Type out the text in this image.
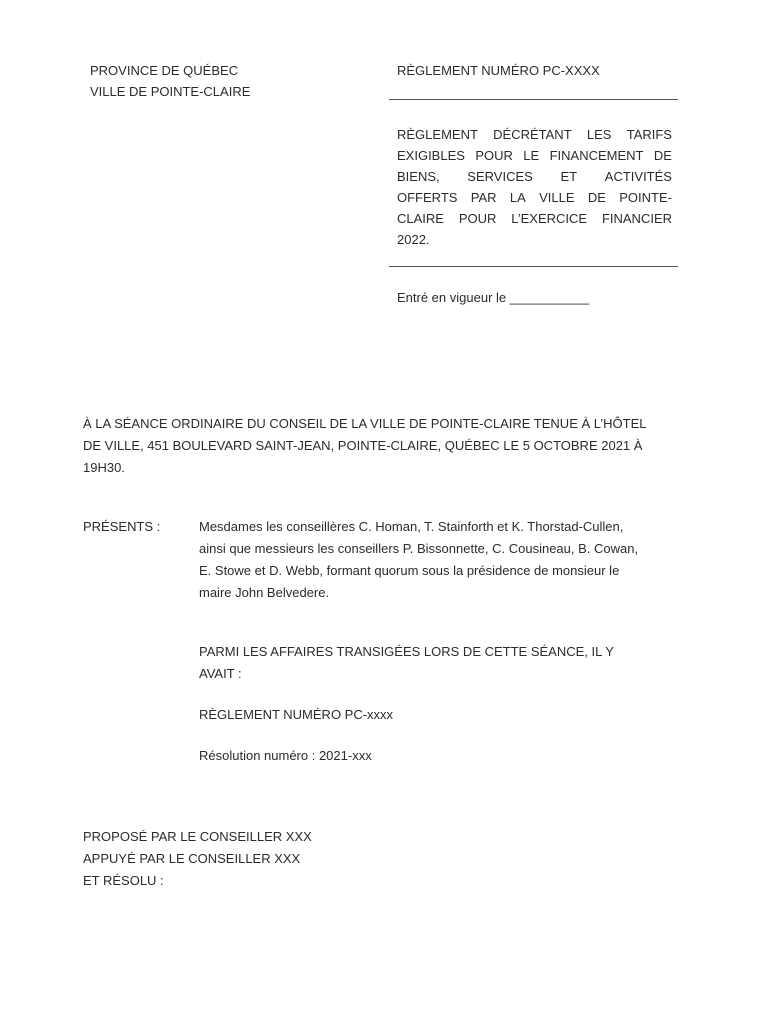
PROVINCE DE QUÉBEC
VILLE DE POINTE-CLAIRE
RÈGLEMENT NUMÉRO PC-XXXX
RÈGLEMENT DÉCRÉTANT LES TARIFS
EXIGIBLES POUR LE FINANCEMENT DE
BIENS, SERVICES ET ACTIVITÉS
OFFERTS PAR LA VILLE DE POINTE-
CLAIRE POUR L’EXERCICE FINANCIER
2022.
Entré en vigueur le ___________
À LA SÉANCE ORDINAIRE DU CONSEIL DE LA VILLE DE POINTE-CLAIRE TENUE À L’HÔTEL
DE VILLE, 451 BOULEVARD SAINT-JEAN, POINTE-CLAIRE, QUÉBEC LE 5 OCTOBRE 2021 À
19H30.
PRÉSENTS :	Mesdames les conseillères C. Homan, T. Stainforth et K. Thorstad-Cullen,
ainsi que messieurs les conseillers P. Bissonnette, C. Cousineau, B. Cowan,
E. Stowe et D. Webb, formant quorum sous la présidence de monsieur le
maire John Belvedere.
PARMI LES AFFAIRES TRANSIGÉES LORS DE CETTE SÉANCE, IL Y
AVAIT :
RÈGLEMENT NUMÉRO PC-xxxx
Résolution numéro : 2021-xxx
PROPOSÉ PAR LE CONSEILLER XXX
APPUYÉ PAR LE CONSEILLER XXX
ET RÉSOLU :
